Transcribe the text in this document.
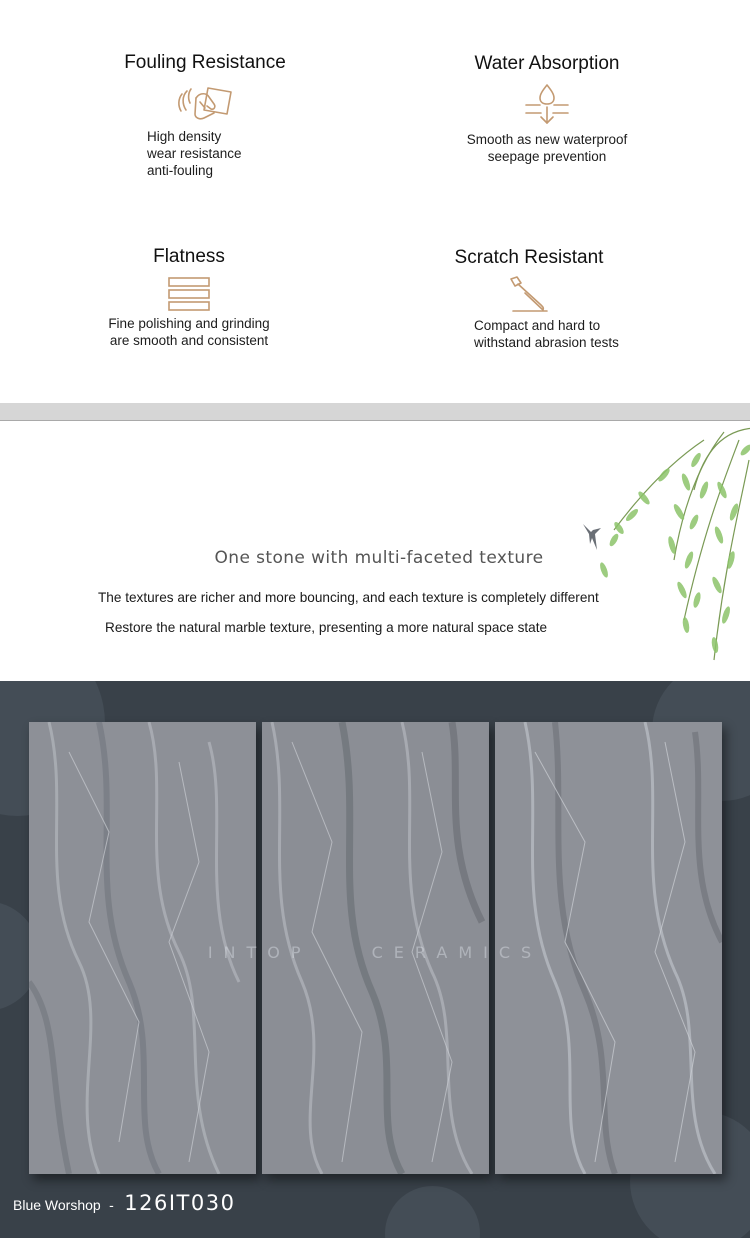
Fouling Resistance
High density
wear resistance
anti-fouling
Water Absorption
Smooth as new waterproof
seepage prevention
Flatness
Fine polishing and grinding
are smooth and consistent
Scratch Resistant
Compact and hard to
withstand abrasion tests
One stone with multi-faceted texture
The textures are richer and more bouncing, and each texture is completely different
Restore the natural marble texture, presenting a more natural space state
INTOP	CERAMICS
Blue Worshop - 126IT030
